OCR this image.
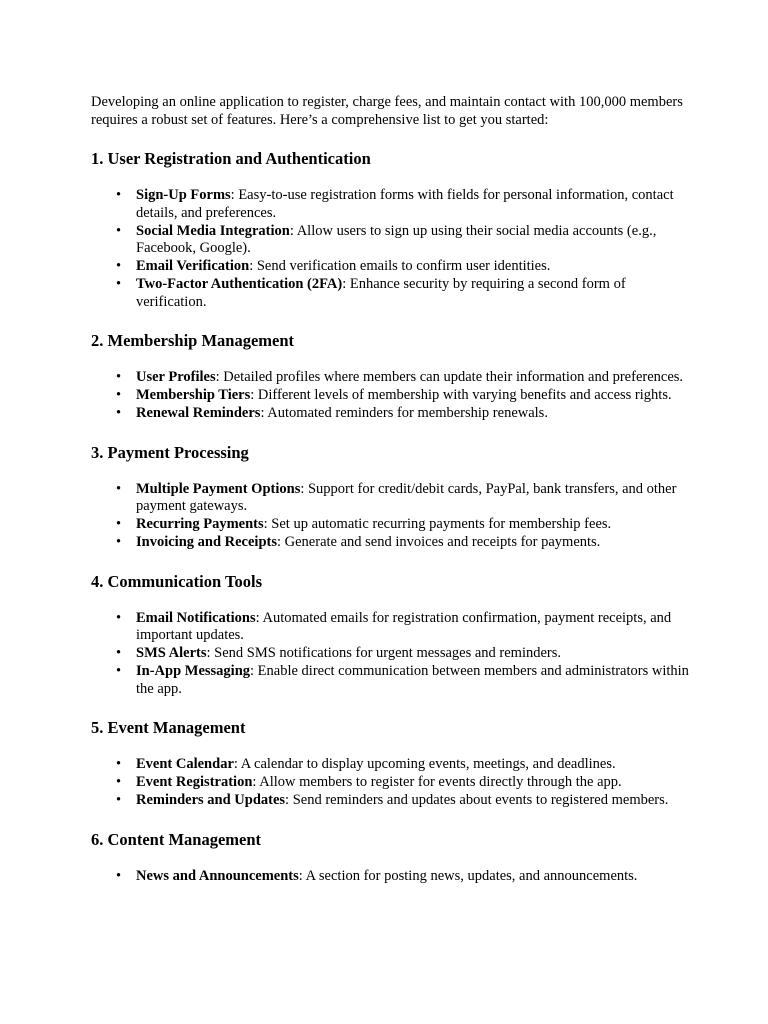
Developing an online application to register, charge fees, and maintain contact with 100,000 members requires a robust set of features. Here’s a comprehensive list to get you started:

1. User Registration and Authentication
• Sign-Up Forms: Easy-to-use registration forms with fields for personal information, contact details, and preferences.
• Social Media Integration: Allow users to sign up using their social media accounts (e.g., Facebook, Google).
• Email Verification: Send verification emails to confirm user identities.
• Two-Factor Authentication (2FA): Enhance security by requiring a second form of verification.
2. Membership Management
• User Profiles: Detailed profiles where members can update their information and preferences.
• Membership Tiers: Different levels of membership with varying benefits and access rights.
• Renewal Reminders: Automated reminders for membership renewals.
3. Payment Processing
• Multiple Payment Options: Support for credit/debit cards, PayPal, bank transfers, and other payment gateways.
• Recurring Payments: Set up automatic recurring payments for membership fees.
• Invoicing and Receipts: Generate and send invoices and receipts for payments.
4. Communication Tools
• Email Notifications: Automated emails for registration confirmation, payment receipts, and important updates.
• SMS Alerts: Send SMS notifications for urgent messages and reminders.
• In-App Messaging: Enable direct communication between members and administrators within the app.
5. Event Management
• Event Calendar: A calendar to display upcoming events, meetings, and deadlines.
• Event Registration: Allow members to register for events directly through the app.
• Reminders and Updates: Send reminders and updates about events to registered members.
6. Content Management
• News and Announcements: A section for posting news, updates, and announcements.
